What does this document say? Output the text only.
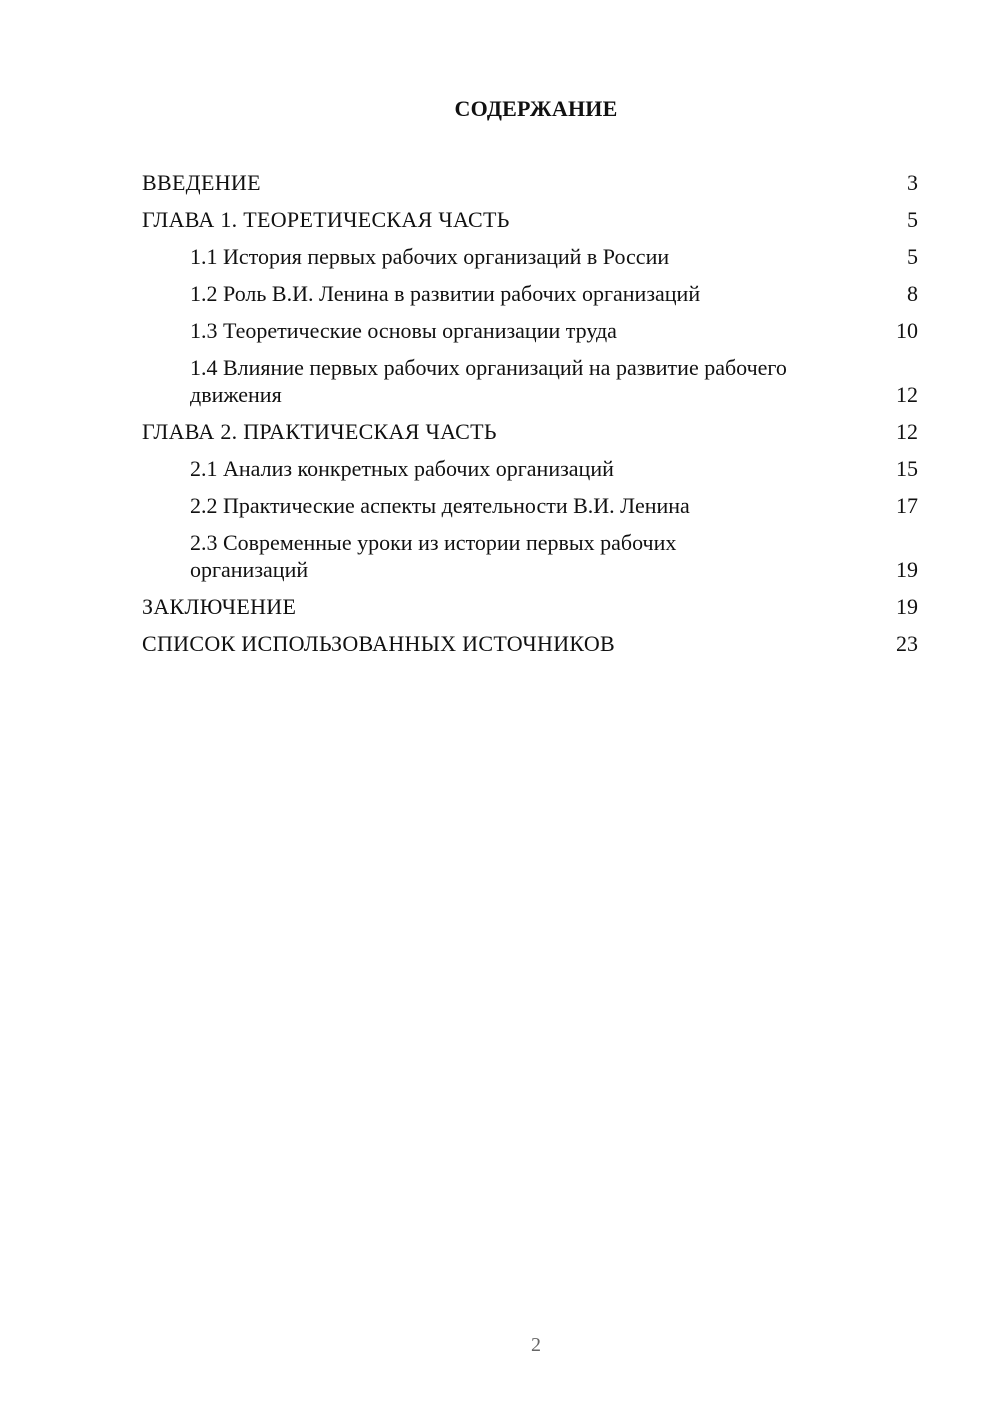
СОДЕРЖАНИЕ
ВВЕДЕНИЕ	3
ГЛАВА 1. ТЕОРЕТИЧЕСКАЯ ЧАСТЬ	5
1.1 История первых рабочих организаций в России	5
1.2 Роль В.И. Ленина в развитии рабочих организаций	8
1.3 Теоретические основы организации труда	10
1.4 Влияние первых рабочих организаций на развитие рабочего движения	12
ГЛАВА 2. ПРАКТИЧЕСКАЯ ЧАСТЬ	12
2.1 Анализ конкретных рабочих организаций	15
2.2 Практические аспекты деятельности В.И. Ленина	17
2.3 Современные уроки из истории первых рабочих организаций	19
ЗАКЛЮЧЕНИЕ	19
СПИСОК ИСПОЛЬЗОВАННЫХ ИСТОЧНИКОВ	23
2
